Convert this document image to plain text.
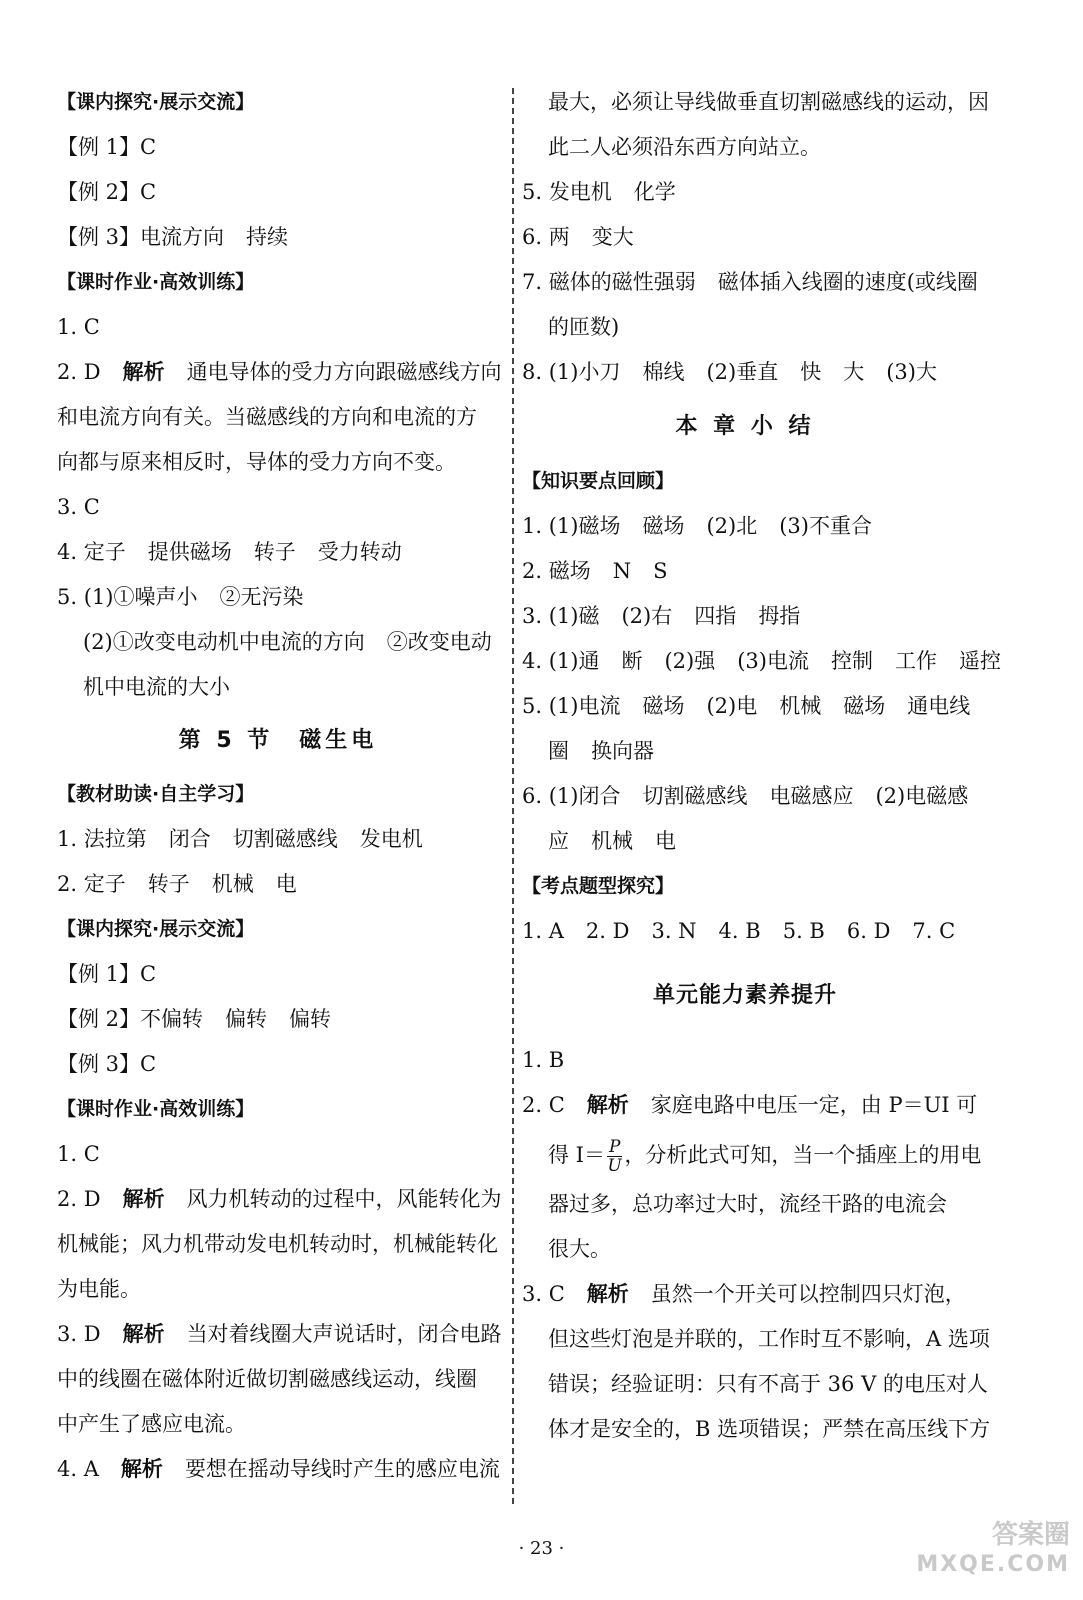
【课内探究·展示交流】
【例 1】C
【例 2】C
【例 3】电流方向 持续
【课时作业·高效训练】
1. C
2. D 解析 通电导体的受力方向跟磁感线方向
和电流方向有关。当磁感线的方向和电流的方
向都与原来相反时，导体的受力方向不变。
3. C
4. 定子 提供磁场 转子 受力转动
5. (1)①噪声小 ②无污染
(2)①改变电动机中电流的方向 ②改变电动
机中电流的大小
第 5 节　磁生电
【教材助读·自主学习】
1. 法拉第 闭合 切割磁感线 发电机
2. 定子 转子 机械 电
【课内探究·展示交流】
【例 1】C
【例 2】不偏转 偏转 偏转
【例 3】C
【课时作业·高效训练】
1. C
2. D 解析 风力机转动的过程中，风能转化为
机械能；风力机带动发电机转动时，机械能转化
为电能。
3. D 解析 当对着线圈大声说话时，闭合电路
中的线圈在磁体附近做切割磁感线运动，线圈
中产生了感应电流。
4. A 解析 要想在摇动导线时产生的感应电流
最大，必须让导线做垂直切割磁感线的运动，因
此二人必须沿东西方向站立。
5. 发电机 化学
6. 两 变大
7. 磁体的磁性强弱 磁体插入线圈的速度(或线圈
的匝数)
8. (1)小刀 棉线 (2)垂直 快 大 (3)大
本 章 小 结
【知识要点回顾】
1. (1)磁场 磁场 (2)北 (3)不重合
2. 磁场 N S
3. (1)磁 (2)右 四指 拇指
4. (1)通 断 (2)强 (3)电流 控制 工作 遥控
5. (1)电流 磁场 (2)电 机械 磁场 通电线
圈 换向器
6. (1)闭合 切割磁感线 电磁感应 (2)电磁感
应 机械 电
【考点题型探究】
1. A 2. D 3. N 4. B 5. B 6. D 7. C
单元能力素养提升
1. B
2. C 解析 家庭电路中电压一定，由 P＝UI 可
得 $I= \frac{P}{U}$ ，分析此式可知，当一个插座上的用电
器过多，总功率过大时，流经干路的电流会
很大。
3. C 解析 虽然一个开关可以控制四只灯泡，
但这些灯泡是并联的，工作时互不影响，A 选项
错误；经验证明：只有不高于 36 V 的电压对人
体才是安全的，B 选项错误；严禁在高压线下方
· 23 ·	答案圈
MXQE.COM
